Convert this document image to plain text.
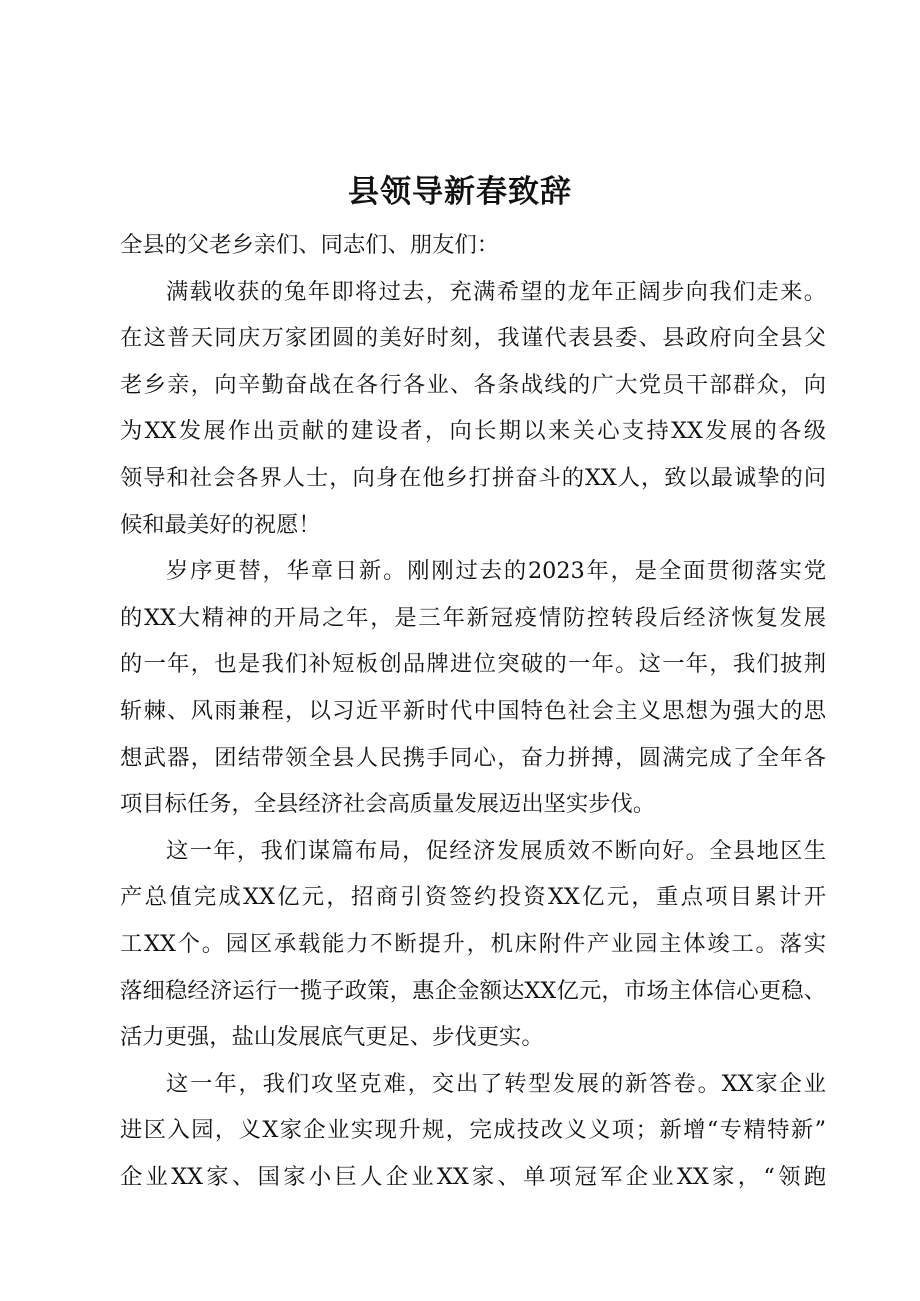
县领导新春致辞
全县的父老乡亲们、同志们、朋友们：
满载收获的兔年即将过去，充满希望的龙年正阔步向我们走来。
在这普天同庆万家团圆的美好时刻，我谨代表县委、县政府向全县父
老乡亲，向辛勤奋战在各行各业、各条战线的广大党员干部群众，向
为XX发展作出贡献的建设者，向长期以来关心支持XX发展的各级
领导和社会各界人士，向身在他乡打拼奋斗的XX人，致以最诚挚的问
候和最美好的祝愿！
岁序更替，华章日新。刚刚过去的2023年，是全面贯彻落实党
的XX大精神的开局之年，是三年新冠疫情防控转段后经济恢复发展
的一年，也是我们补短板创品牌进位突破的一年。这一年，我们披荆
斩棘、风雨兼程，以习近平新时代中国特色社会主义思想为强大的思
想武器，团结带领全县人民携手同心，奋力拼搏，圆满完成了全年各
项目标任务，全县经济社会高质量发展迈出坚实步伐。
这一年，我们谋篇布局，促经济发展质效不断向好。全县地区生
产总值完成XX亿元，招商引资签约投资XX亿元，重点项目累计开
工XX个。园区承载能力不断提升，机床附件产业园主体竣工。落实
落细稳经济运行一揽子政策，惠企金额达XX亿元，市场主体信心更稳、
活力更强，盐山发展底气更足、步伐更实。
这一年，我们攻坚克难，交出了转型发展的新答卷。XX家企业
进区入园，义X家企业实现升规，完成技改义义项；新增“专精特新”
企业XX家、国家小巨人企业XX家、单项冠军企业XX家，“领跑
